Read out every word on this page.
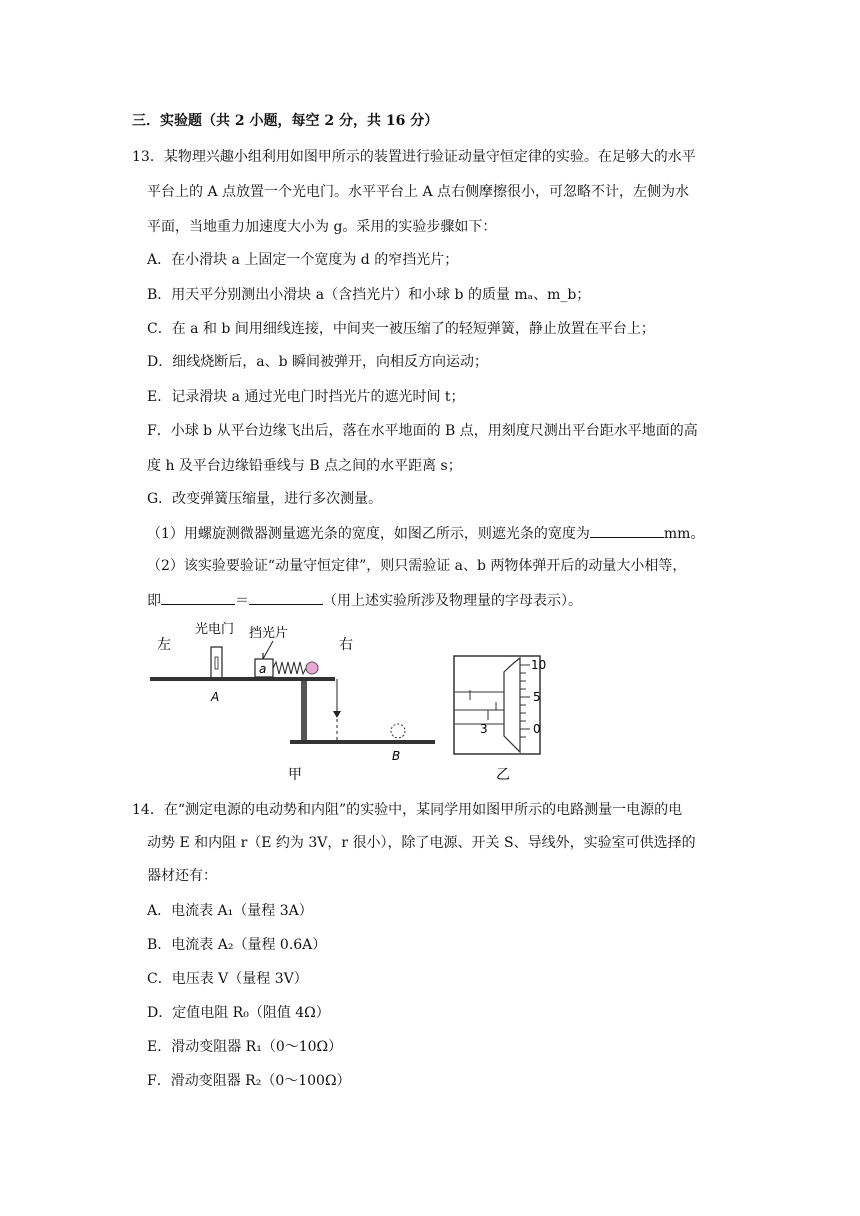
三．实验题（共 2 小题，每空 2 分，共 16 分）
13．某物理兴趣小组利用如图甲所示的装置进行验证动量守恒定律的实验。在足够大的水平
平台上的 A 点放置一个光电门。水平平台上 A 点右侧摩擦很小，可忽略不计，左侧为水
平面，当地重力加速度大小为 g。采用的实验步骤如下：
A．在小滑块 a 上固定一个宽度为 d 的窄挡光片；
B．用天平分别测出小滑块 a（含挡光片）和小球 b 的质量 mₐ、m_b；
C．在 a 和 b 间用细线连接，中间夹一被压缩了的轻短弹簧，静止放置在平台上；
D．细线烧断后，a、b 瞬间被弹开，向相反方向运动；
E．记录滑块 a 通过光电门时挡光片的遮光时间 t；
F．小球 b 从平台边缘飞出后，落在水平地面的 B 点，用刻度尺测出平台距水平地面的高
度 h 及平台边缘铅垂线与 B 点之间的水平距离 s；
G．改变弹簧压缩量，进行多次测量。
（1）用螺旋测微器测量遮光条的宽度，如图乙所示，则遮光条的宽度为	mm。
（2）该实验要验证“动量守恒定律”，则只需验证 a、b 两物体弹开后的动量大小相等，
即	＝	（用上述实验所涉及物理量的字母表示）。
左	右
光电门 挡光片
A
a
B
甲
3
10
5
0
乙
14．在“测定电源的电动势和内阻”的实验中，某同学用如图甲所示的电路测量一电源的电
动势 E 和内阻 r（E 约为 3V，r 很小），除了电源、开关 S、导线外，实验室可供选择的
器材还有：
A．电流表 A₁（量程 3A）
B．电流表 A₂（量程 0.6A）
C．电压表 V（量程 3V）
D．定值电阻 R₀（阻值 4Ω）
E．滑动变阻器 R₁（0～10Ω）
F．滑动变阻器 R₂（0～100Ω）
